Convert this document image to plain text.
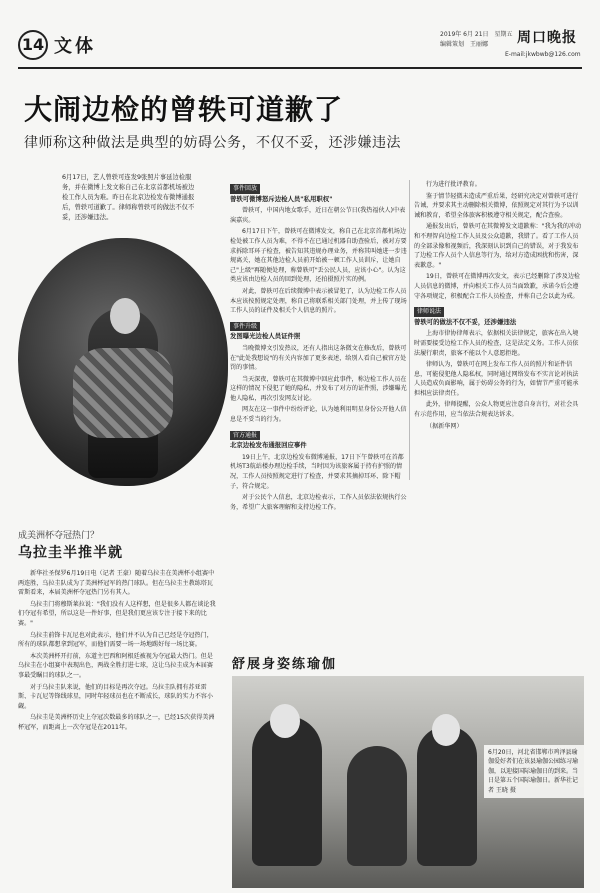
14 文体
2019年 6月 21日　星期五
编辑策划　王丽娜	周口晚报
E-mail:jkwbwb@126.com
大闹边检的曾轶可道歉了
律师称这种做法是典型的妨碍公务，不仅不妥，还涉嫌违法
6月17日，艺人曾轶可连发9张照片事延边检服务，并在微博上发文称自己在北京首都机场被边检工作人员为难。昨日在北京边检发布微博通报后，曾轶可道歉了。律师称曾轶可的做法不仅不妥，还涉嫌违法。
事件回放
曾轶可微博怒斥边检人员"私用职权"
曾轶可，中国内地女歌手，近日在朝公节日(我热福伙人)中表演嘉宾。
6月17日下午，曾轶可在微博发文，称自己在北京首都机场边检处被工作人员为难，不得不在已通过机器自助查验后，被对方要求拆除耳环子检查，被告知其违规办理业务，并称其叫她进一步违规离关，她在其他边检人员前开始被一顿工作人员训斥，让她自己"上级"再随便处理，称曾轶可"丢公民人员，应该小心"。认为这类应该由边检人员的回到处理，还拍摄照片实的例。
对此，曾轶可在后续微博中表示被冒犯了，认为边检工作人员本应该按照规定处理，称自己将联系相关部门处理，并上传了现场工作人员的证件及相关个人信息的照片。
事件升级
发图曝光边检人员证件照
当晚微博文引发热议，还有人指出这条微文在修改后，曾轶可在"此处我想说"的有关内容加了更多表述，给别人看自己被官方处罚的事情。
当天深夜，曾轶可在其微博中回应此事件，称边检工作人员在这样的情况下侵犯了她的隐私，并发布了对方的证件照，涉嫌曝光他人隐私，再次引发网友讨论。
网友在这一事件中纷纷评论，认为她利用明星身份公开他人信息是不妥当的行为。
官方通报
北京边检发布通报回应事件
19日上午，北京边检发布微博通报，17日下午曾轶可在首都机场T3航站楼办理边检手续，当时因为该旅客属于持有护照的情况，工作人员按照规定进行了检查，并要求其摘掉耳环、除下帽子，符合规定。
对于公民个人信息，北京边检表示，工作人员依法依规执行公务，希望广大旅客理解和支持边检工作。
行为进行批评教育。
鉴于情节轻微未造成严重后果，经研究决定对曾轶可进行告诫，并要求其主动删除相关微博，依照规定对其行为予以训诫和教育，希望全体旅客积极遵守相关规定，配合查验。
通报发出后，曾轶可在其微博发文道歉称："我为我的冲动和不理智向边检工作人员及公众道歉，我错了。看了工作人员的全部录像和视频后，我深刻认识到自己的错误，对于我发布了边检工作人员个人信息等行为，给对方造成困扰和伤害，深表歉意。"
19日，曾轶可在微博再次发文，表示已经删除了涉及边检人员信息的微博，并向相关工作人员当面致歉，承诺今后会遵守各项规定，积极配合工作人员检查，并称自己会以此为戒。
律师说法
曾轶可的做法不仅不妥，还涉嫌违法
上海市律协律师表示，依据相关法律规定，旅客在出入境时需要接受边检工作人员的检查，这是法定义务。工作人员依法履行职责，旅客不能以个人意愿拒绝。
律师认为，曾轶可在网上发布工作人员的照片和证件信息，可能侵犯他人隐私权，同时通过网络发布不实言论对执法人员造成负面影响，属于妨碍公务的行为，如情节严重可能承担相应法律责任。
此外，律师提醒，公众人物更应注意自身言行，对社会具有示范作用，应当依法合规表达诉求。
（据新华网）
成美洲杯夺冠热门？
乌拉圭半推半就
新华社圣保罗6月19日电（记者 王豪）随着乌拉圭在美洲杯小组赛中两连胜，乌拉圭队成为了美洲杯冠军的热门球队。但在乌拉圭主教练塔瓦雷斯看来，本届美洲杯夺冠热门另有其人。
乌拉圭门将穆斯莱拉说："我们没有人这样想，但是很多人都在谈论我们夺冠有希望，所以这是一件好事，但是我们更应该专注于接下来的比赛。"
乌拉圭前锋卡瓦尼也对此表示，他们并不认为自己已经是夺冠热门，所有的球队都想拿到冠军，而他们需要一场一场地踢好每一场比赛。
本次美洲杯开打前，东道主巴西和阿根廷被视为夺冠最大热门。但是乌拉圭在小组赛中表现出色，两战全胜打进七球，这让乌拉圭成为本届赛事最受瞩目的球队之一。
对于乌拉圭队来说，他们的目标是再次夺冠。乌拉圭队拥有苏亚雷斯、卡瓦尼等锋线球星，同时年轻球员也在不断成长，球队的实力不容小觑。
乌拉圭是美洲杯历史上夺冠次数最多的球队之一，已经15次获得美洲杯冠军，而距离上一次夺冠是在2011年。
舒展身姿练瑜伽
6月20日，河北省邯郸市鸡泽县瑜伽爱好者们在该县瑜伽公园练习瑜伽，以迎接国际瑜伽日的到来。当日是第五个国际瑜伽日。新华社记者 王晓 摄
